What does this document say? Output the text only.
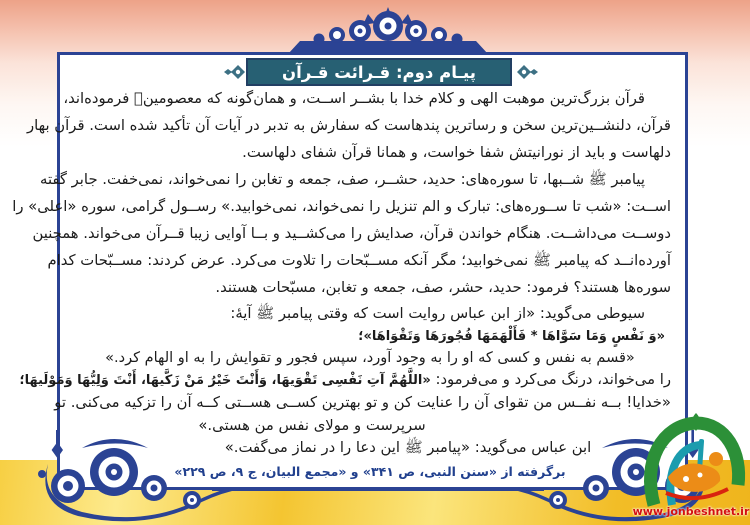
پیـام دوم: قـرائت قـرآن
قرآن بزرگ‌ترین موهبت الهی و کلام خدا با بشــر اســت، و همان‌گونه که معصومینؑ فرموده‌اند،
قرآن، دلنشــین‌ترین سخن و رساترین پندهاست که سفارش به تدبر در آیات آن تأکید شده است. قرآن بهار
دلهاست و باید از نورانیتش شفا خواست، و همانا قرآن شفای دلهاست.
پیامبر ﷺ شــبها، تا سوره‌های: حدید، حشــر، صف، جمعه و تغابن را نمی‌خواند، نمی‌خفت. جابر گفته
اســت: «شب تا ســوره‌های: تبارک و الم تنزیل را نمی‌خواند، نمی‌خوابید.» رســول گرامی، سوره «اعلی» را
دوســت می‌داشــت. هنگام خواندن قرآن، صدایش را می‌کشــید و بــا آوایی زیبا قــرآن می‌خواند. همچنین
آورده‌انــد که پیامبر ﷺ نمی‌خوابید؛ مگر آنکه مســبّحات را تلاوت می‌کرد. عرض کردند: مســبّحات کدام
سوره‌ها هستند؟ فرمود: حدید، حشر، صف، جمعه و تغابن، مسبّحات هستند.
سیوطی می‌گوید: «از ابن عباس روایت است که وقتی پیامبر ﷺ آیهٔ:
«وَ نَفْسٍ وَمَا سَوَّاهَا * فَأَلْهَمَهَا فُجُورَهَا وَتَقْوَاهَا»؛
«قسم به نفس و کسی که او را به وجود آورد، سپس فجور و تقوایش را به او الهام کرد.»
را می‌خواند، درنگ می‌کرد و می‌فرمود: «اللَّهُمَّ آتِ نَفْسِی تَقْوَیهَا، وَأَنْتَ خَیْرُ مَنْ زَکَّیهَا، أَنْتَ وَلِیُّهَا وَمَوْلَیهَا؛
«خدایا! بــه نفــس من تقوای آن را عنایت کن و تو بهترین کســی هســتی کــه آن را تزکیه می‌کنی. تو
سرپرست و مولای نفس من هستی.»
ابن عباس می‌گوید: «پیامبر ﷺ این دعا را در نماز می‌گفت.»
برگرفته از «سنن النبی، ص ۳۴۱» و «مجمع البیان، ج ۹، ص ۲۲۹»
www.jonbeshnet.ir
